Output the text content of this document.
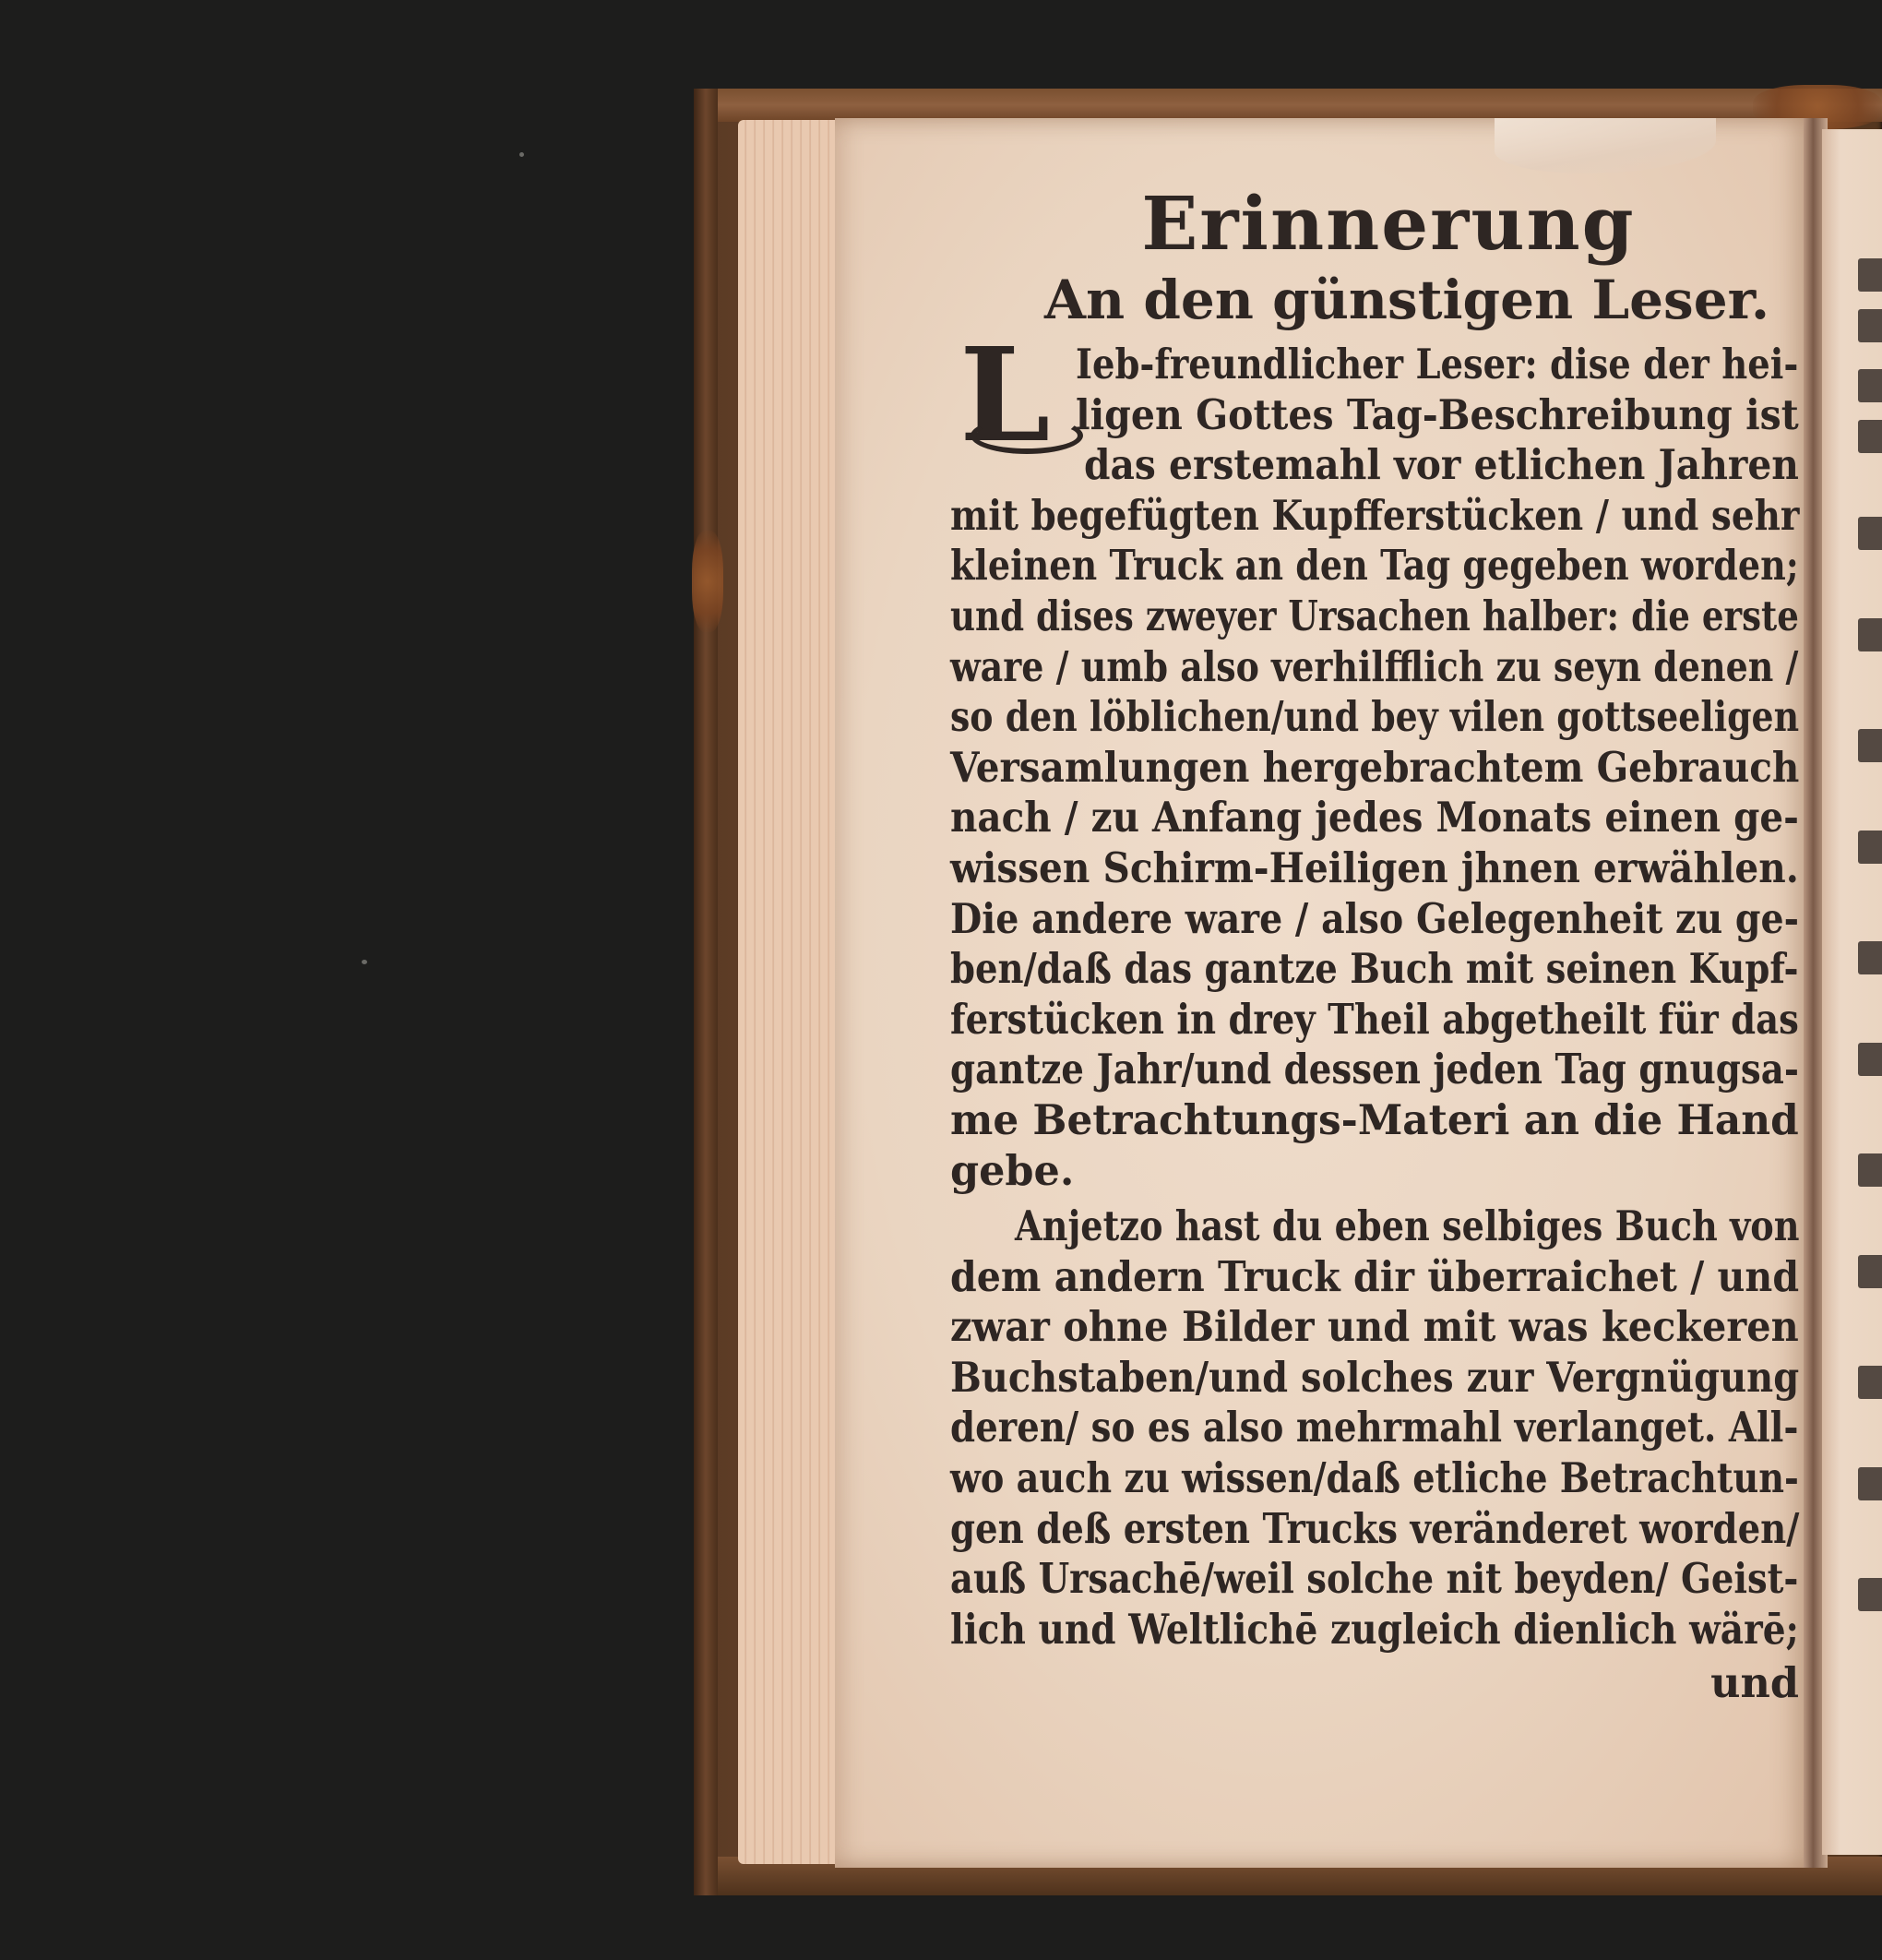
L
Erinnerung
An den günstigen Leser.
Ieb-freundlicher Leser: dise der hei-
ligen Gottes Tag-Beschreibung ist
das erstemahl vor etlichen Jahren
mit begefügten Kupfferstücken / und sehr
kleinen Truck an den Tag gegeben worden;
und dises zweyer Ursachen halber: die erste
ware / umb also verhilfflich zu seyn denen /
so den löblichen/und bey vilen gottseeligen
Versamlungen hergebrachtem Gebrauch
nach / zu Anfang jedes Monats einen ge-
wissen Schirm-Heiligen jhnen erwählen.
Die andere ware / also Gelegenheit zu ge-
ben/daß das gantze Buch mit seinen Kupf-
ferstücken in drey Theil abgetheilt für das
gantze Jahr/und dessen jeden Tag gnugsa-
me Betrachtungs-Materi an die Hand
gebe.
Anjetzo hast du eben selbiges Buch von
dem andern Truck dir überraichet / und
zwar ohne Bilder und mit was keckeren
Buchstaben/und solches zur Vergnügung
deren/ so es also mehrmahl verlanget. All-
wo auch zu wissen/daß etliche Betrachtun-
gen deß ersten Trucks veränderet worden/
auß Ursachē/weil solche nit beyden/ Geist-
lich und Weltlichē zugleich dienlich wärē;
und
